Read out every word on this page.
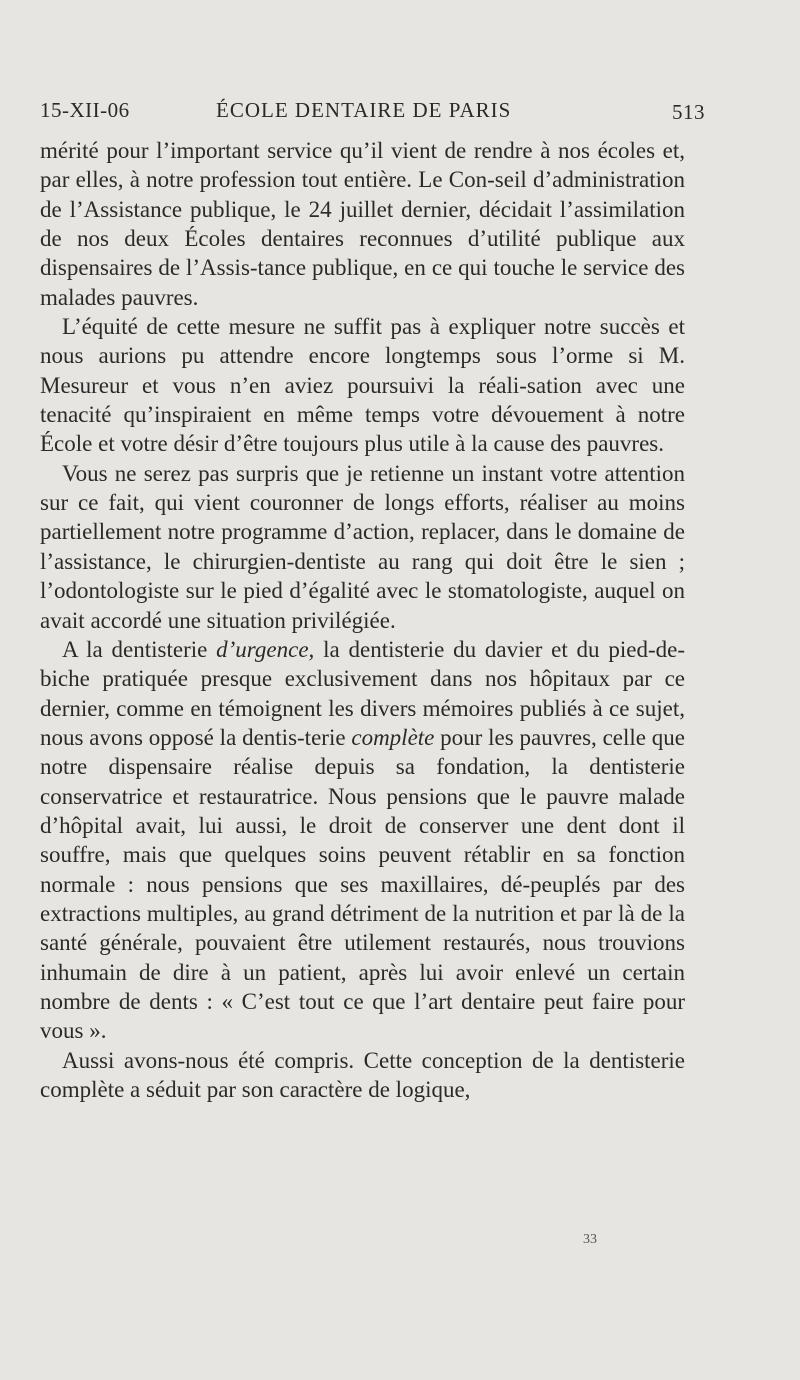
15-XII-06	ÉCOLE DENTAIRE DE PARIS	513

mérité pour l’important service qu’il vient de rendre à nos écoles et, par elles, à notre profession tout entière. Le Con-seil d’administration de l’Assistance publique, le 24 juillet dernier, décidait l’assimilation de nos deux Écoles dentaires reconnues d’utilité publique aux dispensaires de l’Assis-tance publique, en ce qui touche le service des malades pauvres.

L’équité de cette mesure ne suffit pas à expliquer notre succès et nous aurions pu attendre encore longtemps sous l’orme si M. Mesureur et vous n’en aviez poursuivi la réali-sation avec une tenacité qu’inspiraient en même temps votre dévouement à notre École et votre désir d’être toujours plus utile à la cause des pauvres.

Vous ne serez pas surpris que je retienne un instant votre attention sur ce fait, qui vient couronner de longs efforts, réaliser au moins partiellement notre programme d’action, replacer, dans le domaine de l’assistance, le chirurgien-dentiste au rang qui doit être le sien ; l’odontologiste sur le pied d’égalité avec le stomatologiste, auquel on avait accordé une situation privilégiée.

A la dentisterie d’urgence, la dentisterie du davier et du pied-de-biche pratiquée presque exclusivement dans nos hôpitaux par ce dernier, comme en témoignent les divers mémoires publiés à ce sujet, nous avons opposé la dentis-terie complète pour les pauvres, celle que notre dispensaire réalise depuis sa fondation, la dentisterie conservatrice et restauratrice. Nous pensions que le pauvre malade d’hôpital avait, lui aussi, le droit de conserver une dent dont il souffre, mais que quelques soins peuvent rétablir en sa fonction normale : nous pensions que ses maxillaires, dé-peuplés par des extractions multiples, au grand détriment de la nutrition et par là de la santé générale, pouvaient être utilement restaurés, nous trouvions inhumain de dire à un patient, après lui avoir enlevé un certain nombre de dents : « C’est tout ce que l’art dentaire peut faire pour vous ».

Aussi avons-nous été compris. Cette conception de la dentisterie complète a séduit par son caractère de logique,

33
